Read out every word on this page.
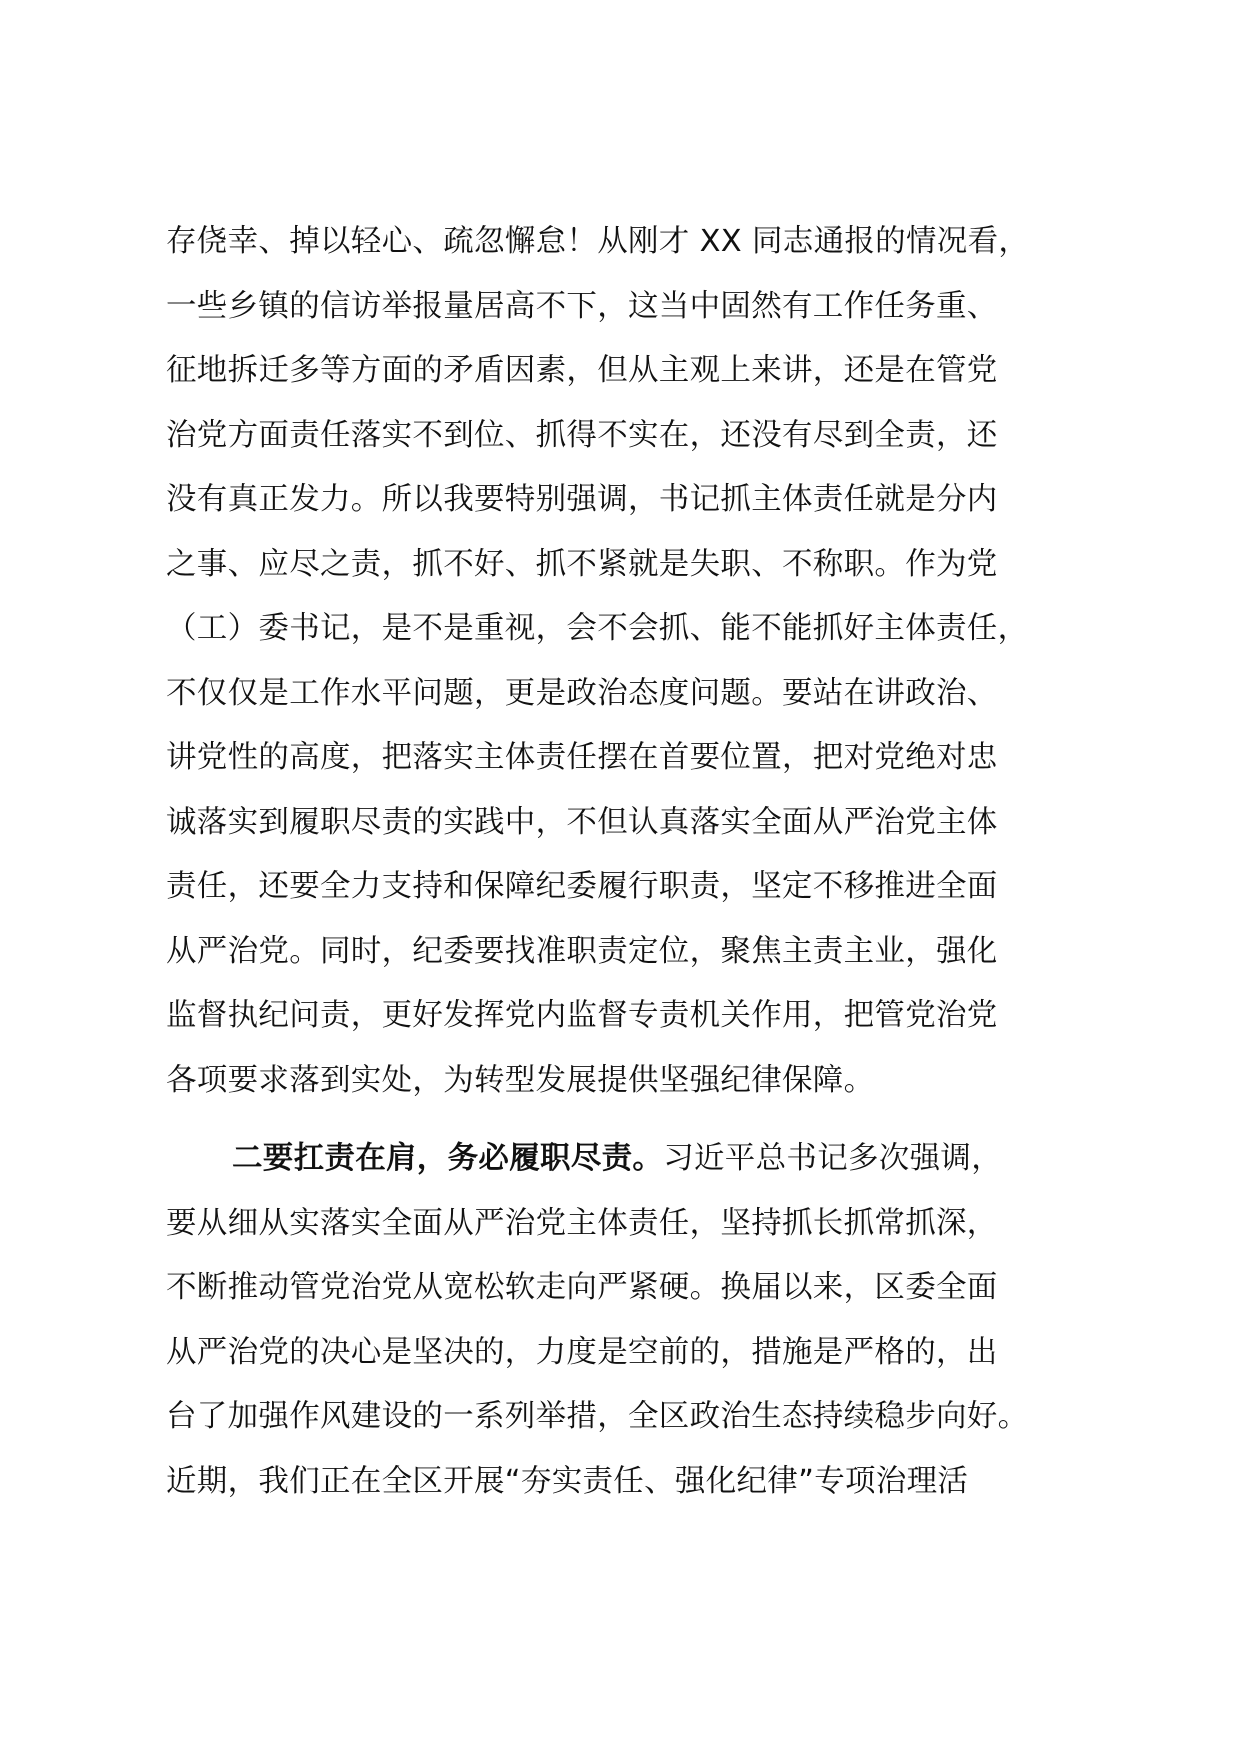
存侥幸、掉以轻心、疏忽懈怠！从刚才 XX 同志通报的情况看，
一些乡镇的信访举报量居高不下，这当中固然有工作任务重、
征地拆迁多等方面的矛盾因素，但从主观上来讲，还是在管党
治党方面责任落实不到位、抓得不实在，还没有尽到全责，还
没有真正发力。所以我要特别强调，书记抓主体责任就是分内
之事、应尽之责，抓不好、抓不紧就是失职、不称职。作为党
（工）委书记，是不是重视，会不会抓、能不能抓好主体责任，
不仅仅是工作水平问题，更是政治态度问题。要站在讲政治、
讲党性的高度，把落实主体责任摆在首要位置，把对党绝对忠
诚落实到履职尽责的实践中，不但认真落实全面从严治党主体
责任，还要全力支持和保障纪委履行职责，坚定不移推进全面
从严治党。同时，纪委要找准职责定位，聚焦主责主业，强化
监督执纪问责，更好发挥党内监督专责机关作用，把管党治党
各项要求落到实处，为转型发展提供坚强纪律保障。
二要扛责在肩，务必履职尽责。习近平总书记多次强调，
要从细从实落实全面从严治党主体责任，坚持抓长抓常抓深，
不断推动管党治党从宽松软走向严紧硬。换届以来，区委全面
从严治党的决心是坚决的，力度是空前的，措施是严格的，出
台了加强作风建设的一系列举措，全区政治生态持续稳步向好。
近期，我们正在全区开展“夯实责任、强化纪律”专项治理活
